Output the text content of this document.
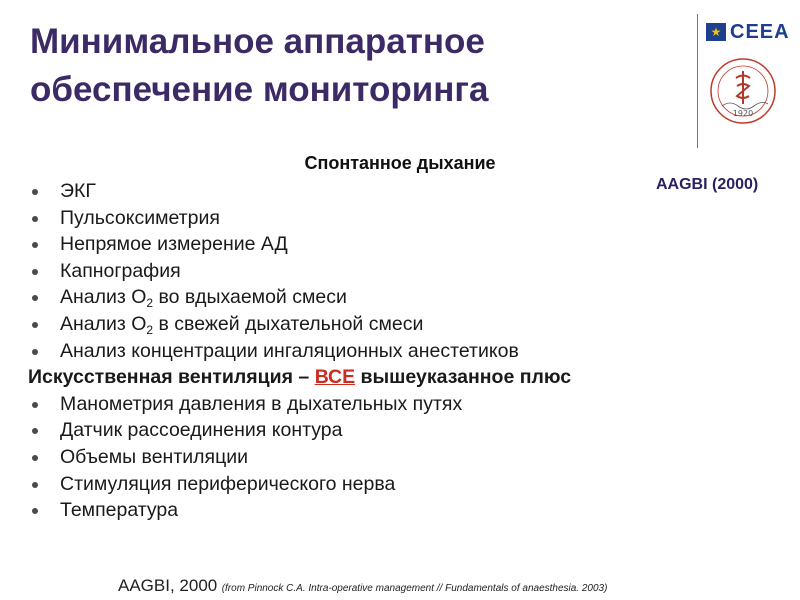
Минимальное аппаратное
обеспечение мониторинга
★ CEEA
1920
AAGBI (2000)
Спонтанное дыхание
ЭКГ
Пульсоксиметрия
Непрямое измерение АД
Капнография
Анализ $О_2$ во вдыхаемой смеси
Анализ $О_2$ в свежей дыхательной смеси
Анализ концентрации ингаляционных анестетиков
Искусственная вентиляция – ВСЕ вышеуказанное плюс
Манометрия давления в дыхательных путях
Датчик рассоединения контура
Объемы вентиляции
Стимуляция периферического нерва
Температура
AAGBI, 2000 (from Pinnock C.A. Intra-operative management // Fundamentals of anaesthesia. 2003)
